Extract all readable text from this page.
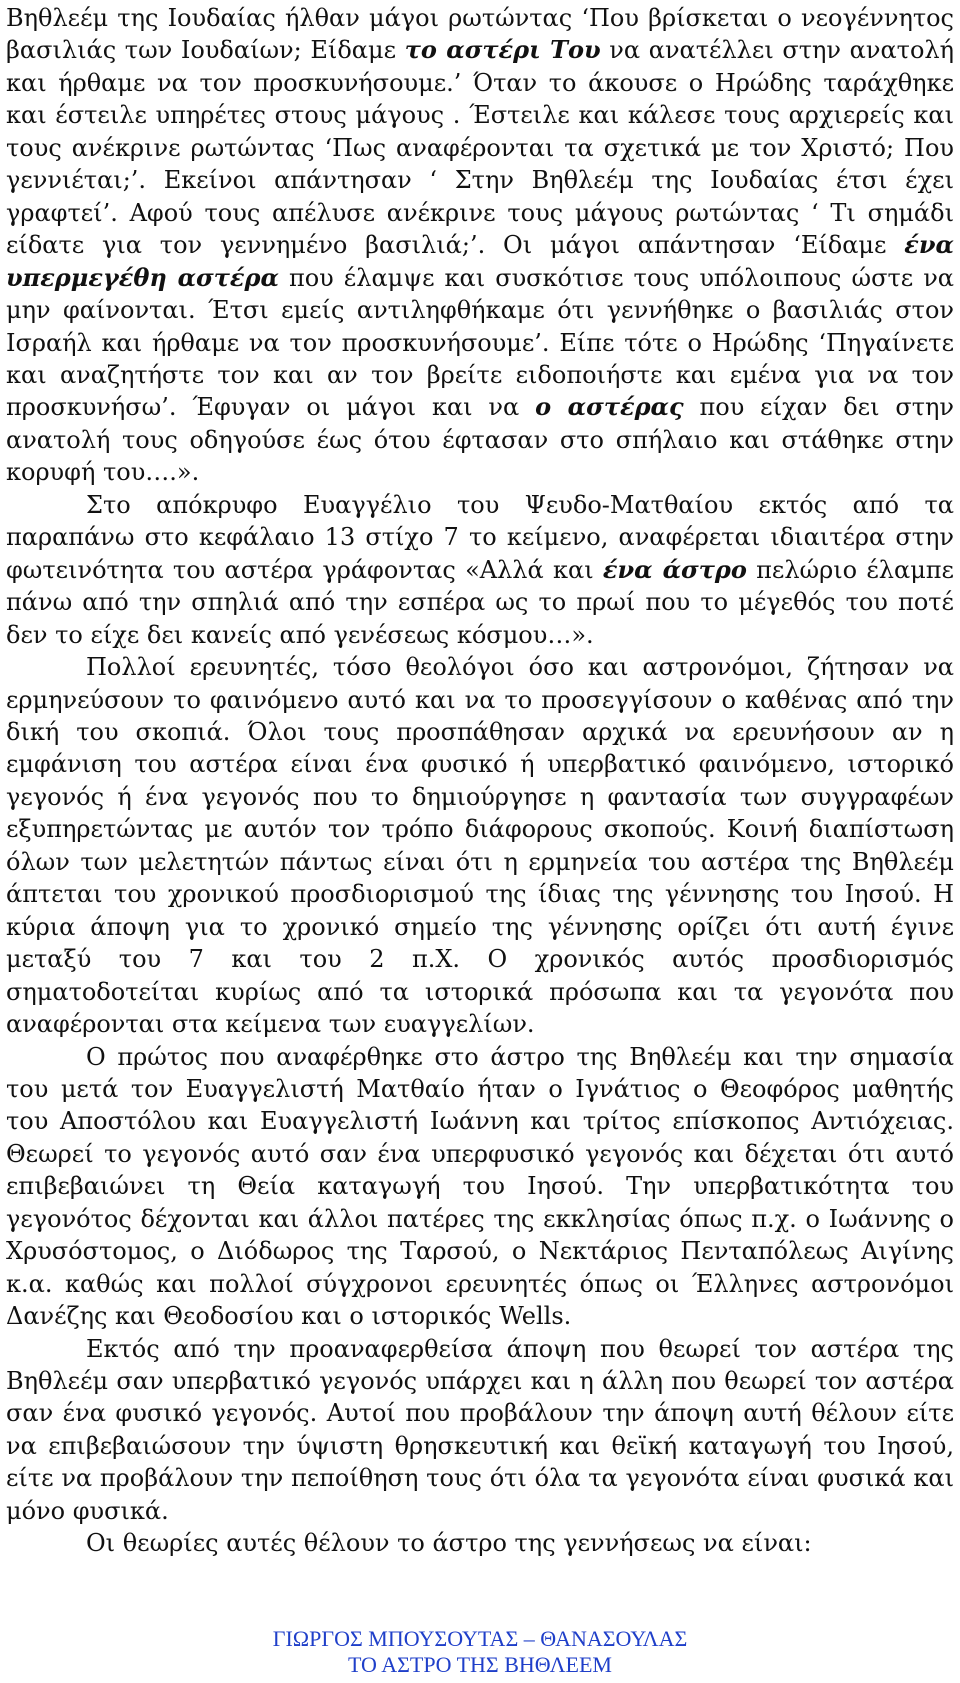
Βηθλεέμ της Ιουδαίας ήλθαν μάγοι ρωτώντας ‘Που βρίσκεται ο νεογέννητος βασιλιάς των Ιουδαίων; Είδαμε το αστέρι Του να ανατέλλει στην ανατολή και ήρθαμε να τον προσκυνήσουμε.’ Όταν το άκουσε ο Ηρώδης ταράχθηκε και έστειλε υπηρέτες στους μάγους . Έστειλε και κάλεσε τους αρχιερείς και τους ανέκρινε ρωτώντας ‘Πως αναφέρονται τα σχετικά με τον Χριστό; Που γεννιέται;’. Εκείνοι απάντησαν ‘ Στην Βηθλεέμ της Ιουδαίας έτσι έχει γραφτεί’. Αφού τους απέλυσε ανέκρινε τους μάγους ρωτώντας ‘ Τι σημάδι είδατε για τον γεννημένο βασιλιά;’. Οι μάγοι απάντησαν ‘Είδαμε ένα υπερμεγέθη αστέρα που έλαμψε και συσκότισε τους υπόλοιπους ώστε να μην φαίνονται. Έτσι εμείς αντιληφθήκαμε ότι γεννήθηκε ο βασιλιάς στον Ισραήλ και ήρθαμε να τον προσκυνήσουμε’. Είπε τότε ο Ηρώδης ‘Πηγαίνετε και αναζητήστε τον και αν τον βρείτε ειδοποιήστε και εμένα για να τον προσκυνήσω’. Έφυγαν οι μάγοι και να ο αστέρας που είχαν δει στην ανατολή τους οδηγούσε έως ότου έφτασαν στο σπήλαιο και στάθηκε στην κορυφή του….».

Στο απόκρυφο Ευαγγέλιο του Ψευδο-Ματθαίου εκτός από τα παραπάνω στο κεφάλαιο 13 στίχο 7 το κείμενο, αναφέρεται ιδιαιτέρα στην φωτεινότητα του αστέρα γράφοντας «Αλλά και ένα άστρο πελώριο έλαμπε πάνω από την σπηλιά από την εσπέρα ως το πρωί που το μέγεθός του ποτέ δεν το είχε δει κανείς από γενέσεως κόσμου…».

Πολλοί ερευνητές, τόσο θεολόγοι όσο και αστρονόμοι, ζήτησαν να ερμηνεύσουν το φαινόμενο αυτό και να το προσεγγίσουν ο καθένας από την δική του σκοπιά. Όλοι τους προσπάθησαν αρχικά να ερευνήσουν αν η εμφάνιση του αστέρα είναι ένα φυσικό ή υπερβατικό φαινόμενο, ιστορικό γεγονός ή ένα γεγονός που το δημιούργησε η φαντασία των συγγραφέων εξυπηρετώντας με αυτόν τον τρόπο διάφορους σκοπούς. Κοινή διαπίστωση όλων των μελετητών πάντως είναι ότι η ερμηνεία του αστέρα της Βηθλεέμ άπτεται του χρονικού προσδιορισμού της ίδιας της γέννησης του Ιησού. Η κύρια άποψη για το χρονικό σημείο της γέννησης ορίζει ότι αυτή έγινε μεταξύ του 7 και του 2 π.Χ. Ο χρονικός αυτός προσδιορισμός σηματοδοτείται κυρίως από τα ιστορικά πρόσωπα και τα γεγονότα που αναφέρονται στα κείμενα των ευαγγελίων.

Ο πρώτος που αναφέρθηκε στο άστρο της Βηθλεέμ και την σημασία του μετά τον Ευαγγελιστή Ματθαίο ήταν ο Ιγνάτιος ο Θεοφόρος μαθητής του Αποστόλου και Ευαγγελιστή Ιωάννη και τρίτος επίσκοπος Αντιόχειας. Θεωρεί το γεγονός αυτό σαν ένα υπερφυσικό γεγονός και δέχεται ότι αυτό επιβεβαιώνει τη Θεία καταγωγή του Ιησού. Την υπερβατικότητα του γεγονότος δέχονται και άλλοι πατέρες της εκκλησίας όπως π.χ. ο Ιωάννης ο Χρυσόστομος, ο Διόδωρος της Ταρσού, ο Νεκτάριος Πενταπόλεως Αιγίνης κ.α. καθώς και πολλοί σύγχρονοι ερευνητές όπως οι Έλληνες αστρονόμοι Δανέζης και Θεοδοσίου και ο ιστορικός Wells.

Εκτός από την προαναφερθείσα άποψη που θεωρεί τον αστέρα της Βηθλεέμ σαν υπερβατικό γεγονός υπάρχει και η άλλη που θεωρεί τον αστέρα σαν ένα φυσικό γεγονός. Αυτοί που προβάλουν την άποψη αυτή θέλουν είτε να επιβεβαιώσουν την ύψιστη θρησκευτική και θεϊκή καταγωγή του Ιησού, είτε να προβάλουν την πεποίθηση τους ότι όλα τα γεγονότα είναι φυσικά και μόνο φυσικά.

Οι θεωρίες αυτές θέλουν το άστρο της γεννήσεως να είναι:

ΓΙΩΡΓΟΣ ΜΠΟΥΣΟΥΤΑΣ – ΘΑΝΑΣΟΥΛΑΣ
ΤΟ ΑΣΤΡΟ ΤΗΣ ΒΗΘΛΕΕΜ
